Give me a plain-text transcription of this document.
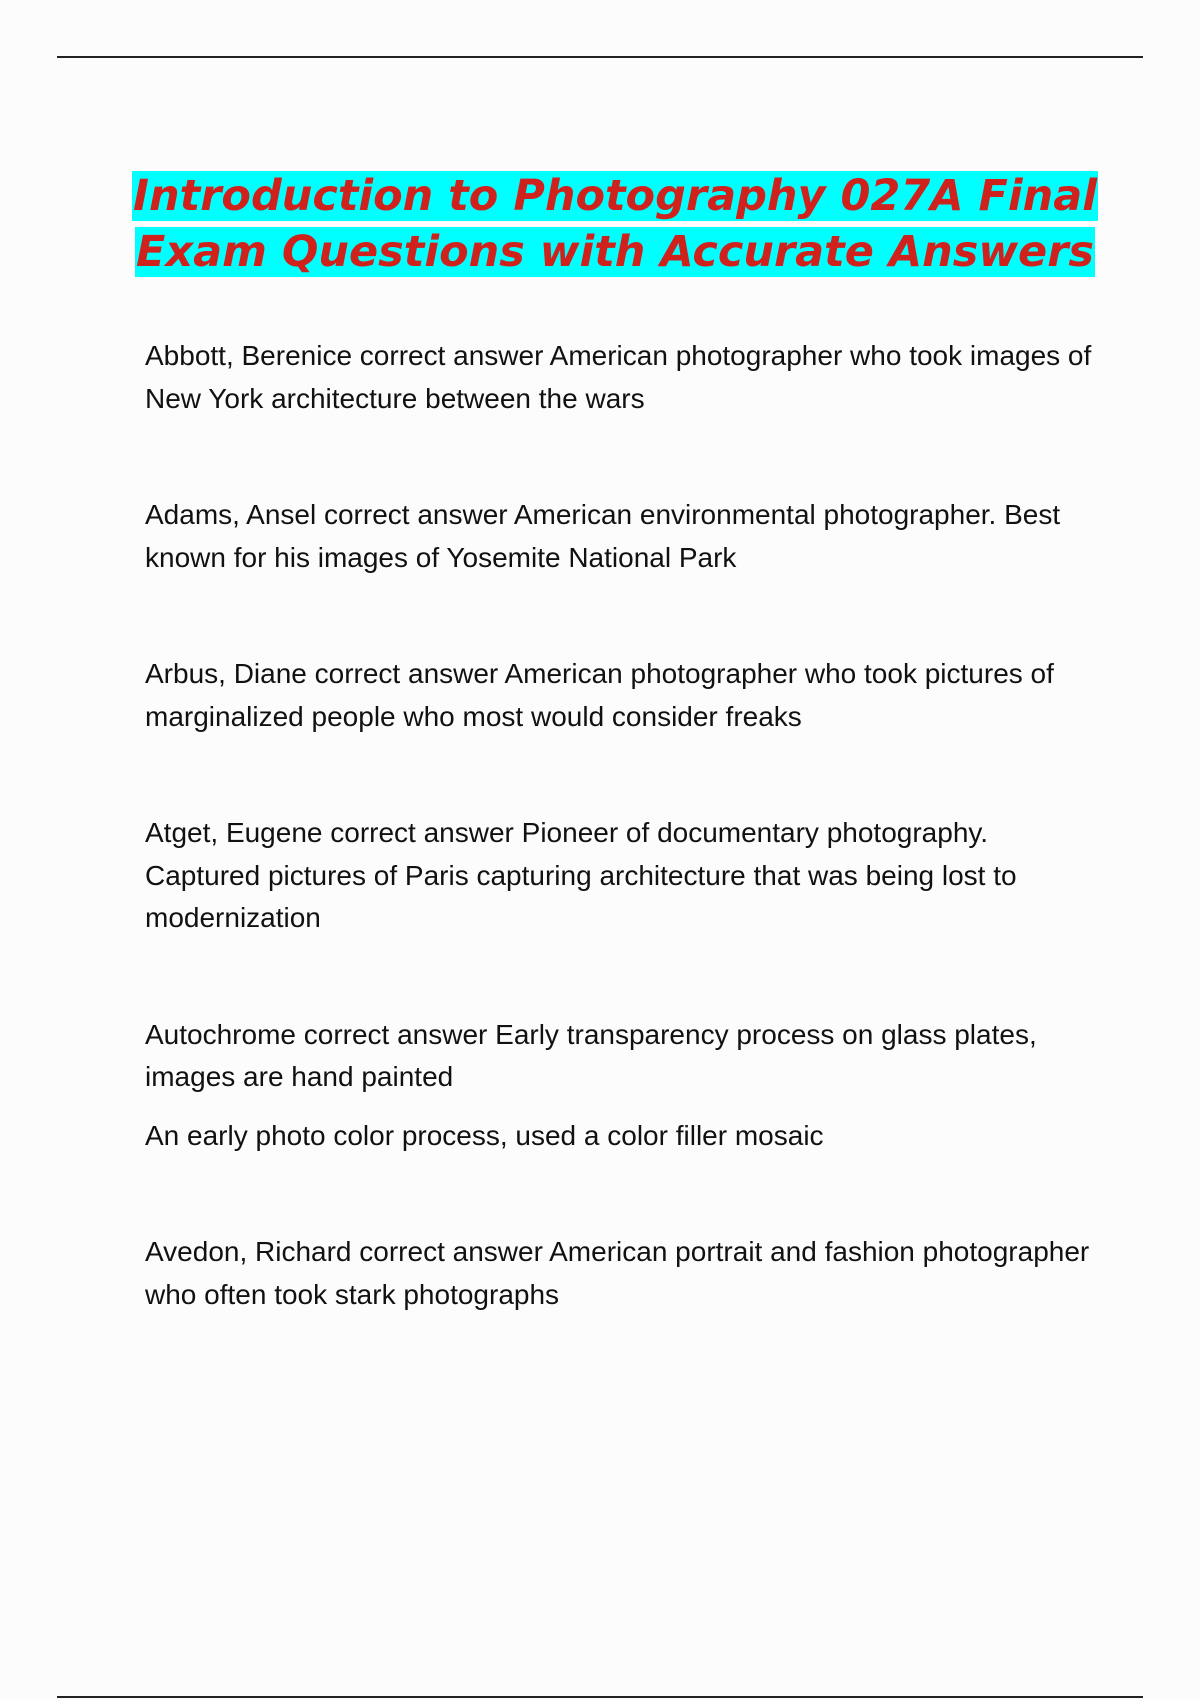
Introduction to Photography 027A Final Exam Questions with Accurate Answers

Abbott, Berenice correct answer American photographer who took images of New York architecture between the wars

Adams, Ansel correct answer American environmental photographer. Best known for his images of Yosemite National Park

Arbus, Diane correct answer American photographer who took pictures of marginalized people who most would consider freaks

Atget, Eugene correct answer Pioneer of documentary photography. Captured pictures of Paris capturing architecture that was being lost to modernization

Autochrome correct answer Early transparency process on glass plates, images are hand painted

An early photo color process, used a color filler mosaic

Avedon, Richard correct answer American portrait and fashion photographer who often took stark photographs
